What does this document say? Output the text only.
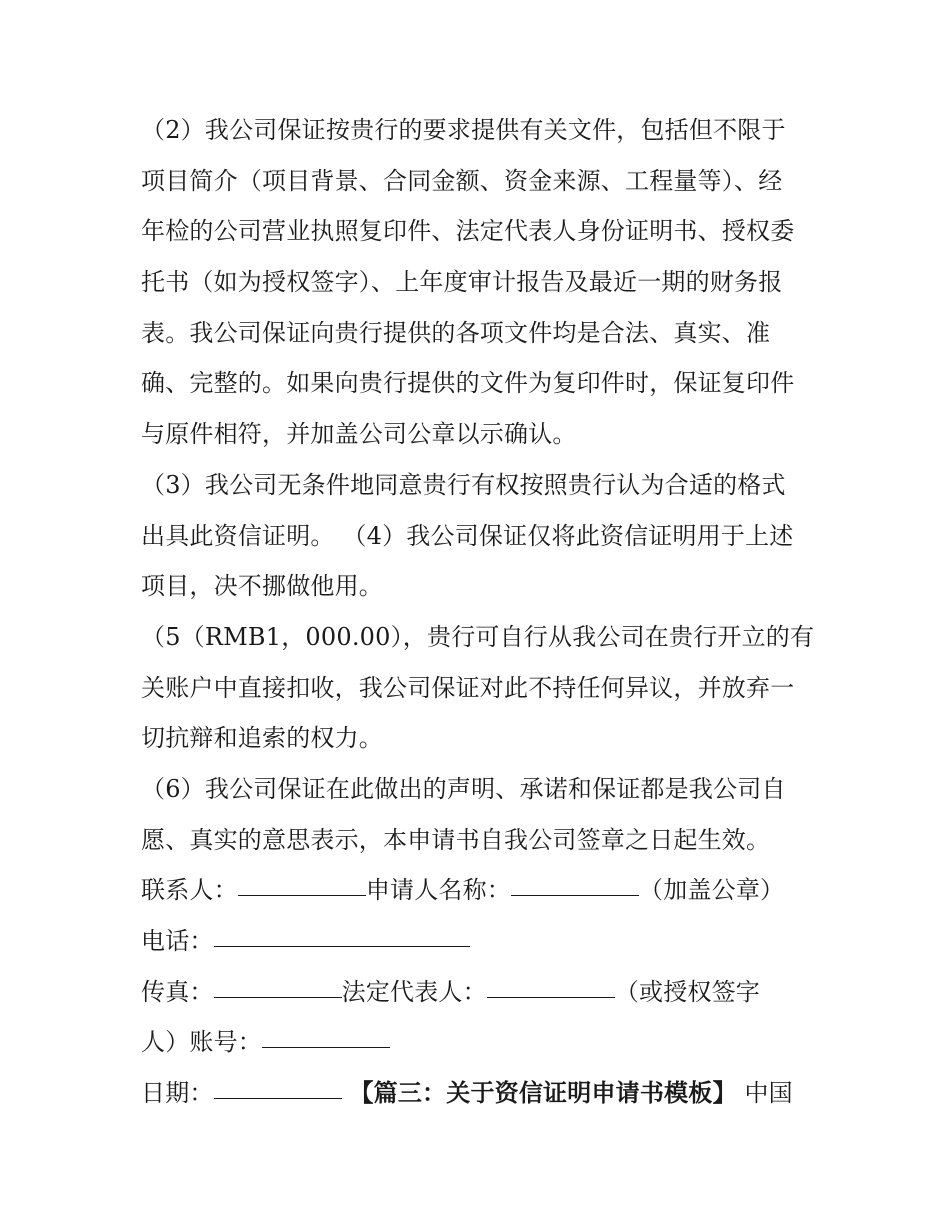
（2）我公司保证按贵行的要求提供有关文件，包括但不限于
项目简介（项目背景、合同金额、资金来源、工程量等）、经
年检的公司营业执照复印件、法定代表人身份证明书、授权委
托书（如为授权签字）、上年度审计报告及最近一期的财务报
表。我公司保证向贵行提供的各项文件均是合法、真实、准
确、完整的。如果向贵行提供的文件为复印件时，保证复印件
与原件相符，并加盖公司公章以示确认。
（3）我公司无条件地同意贵行有权按照贵行认为合适的格式
出具此资信证明。 （4）我公司保证仅将此资信证明用于上述
项目，决不挪做他用。
（5（RMB1，000.00），贵行可自行从我公司在贵行开立的有
关账户中直接扣收，我公司保证对此不持任何异议，并放弃一
切抗辩和追索的权力。
（6）我公司保证在此做出的声明、承诺和保证都是我公司自
愿、真实的意思表示，本申请书自我公司签章之日起生效。
联系人：	申请人名称：	（加盖公章）
电话：
传真：	法定代表人：	（或授权签字
人）账号：
日期：	【篇三：关于资信证明申请书模板】 中国
